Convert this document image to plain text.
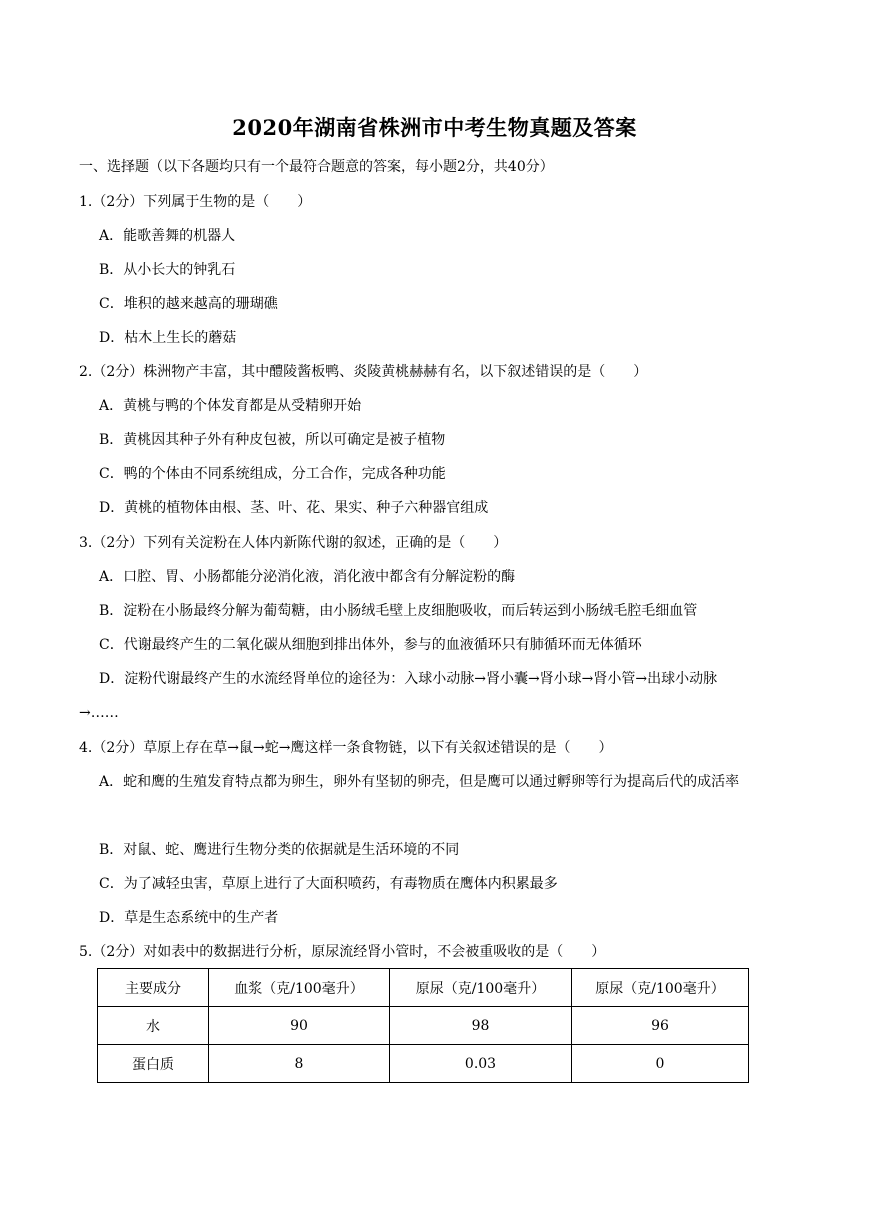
2020年湖南省株洲市中考生物真题及答案
一、选择题（以下各题均只有一个最符合题意的答案，每小题2分，共40分）
1.（2分）下列属于生物的是（　　）
A．能歌善舞的机器人
B．从小长大的钟乳石
C．堆积的越来越高的珊瑚礁
D．枯木上生长的蘑菇
2.（2分）株洲物产丰富，其中醴陵酱板鸭、炎陵黄桃赫赫有名，以下叙述错误的是（　　）
A．黄桃与鸭的个体发育都是从受精卵开始
B．黄桃因其种子外有种皮包被，所以可确定是被子植物
C．鸭的个体由不同系统组成，分工合作，完成各种功能
D．黄桃的植物体由根、茎、叶、花、果实、种子六种器官组成
3.（2分）下列有关淀粉在人体内新陈代谢的叙述，正确的是（　　）
A．口腔、胃、小肠都能分泌消化液，消化液中都含有分解淀粉的酶
B．淀粉在小肠最终分解为葡萄糖，由小肠绒毛壁上皮细胞吸收，而后转运到小肠绒毛腔毛细血管
C．代谢最终产生的二氧化碳从细胞到排出体外，参与的血液循环只有肺循环而无体循环
D．淀粉代谢最终产生的水流经肾单位的途径为：入球小动脉→肾小囊→肾小球→肾小管→出球小动脉
→……
4.（2分）草原上存在草→鼠→蛇→鹰这样一条食物链，以下有关叙述错误的是（　　）
A．蛇和鹰的生殖发育特点都为卵生，卵外有坚韧的卵壳，但是鹰可以通过孵卵等行为提高后代的成活率
B．对鼠、蛇、鹰进行生物分类的依据就是生活环境的不同
C．为了减轻虫害，草原上进行了大面积喷药，有毒物质在鹰体内积累最多
D．草是生态系统中的生产者
5.（2分）对如表中的数据进行分析，原尿流经肾小管时，不会被重吸收的是（　　）
主要成分	血浆（克/100毫升）	原尿（克/100毫升）	原尿（克/100毫升）
水	90	98	96
蛋白质	8	0.03	0
